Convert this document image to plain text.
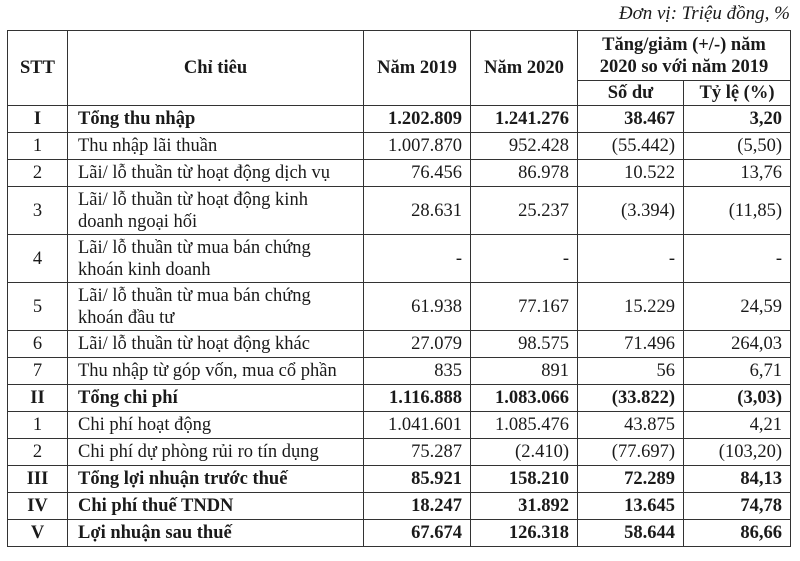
Đơn vị: Triệu đồng, %
STT	Chỉ tiêu	Năm 2019	Năm 2020	Tăng/giảm (+/-) năm 2020 so với năm 2019	
				Số dư	Tỷ lệ (%)
I	Tổng thu nhập	1.202.809	1.241.276	38.467	3,20
1	Thu nhập lãi thuần	1.007.870	952.428	(55.442)	(5,50)
2	Lãi/ lỗ thuần từ hoạt động dịch vụ	76.456	86.978	10.522	13,76
3	Lãi/ lỗ thuần từ hoạt động kinh doanh ngoại hối	28.631	25.237	(3.394)	(11,85)
4	Lãi/ lỗ thuần từ mua bán chứng khoán kinh doanh	-	-	-	-
5	Lãi/ lỗ thuần từ mua bán chứng khoán đầu tư	61.938	77.167	15.229	24,59
6	Lãi/ lỗ thuần từ hoạt động khác	27.079	98.575	71.496	264,03
7	Thu nhập từ góp vốn, mua cổ phần	835	891	56	6,71
II	Tổng chi phí	1.116.888	1.083.066	(33.822)	(3,03)
1	Chi phí hoạt động	1.041.601	1.085.476	43.875	4,21
2	Chi phí dự phòng rủi ro tín dụng	75.287	(2.410)	(77.697)	(103,20)
III	Tổng lợi nhuận trước thuế	85.921	158.210	72.289	84,13
IV	Chi phí thuế TNDN	18.247	31.892	13.645	74,78
V	Lợi nhuận sau thuế	67.674	126.318	58.644	86,66
